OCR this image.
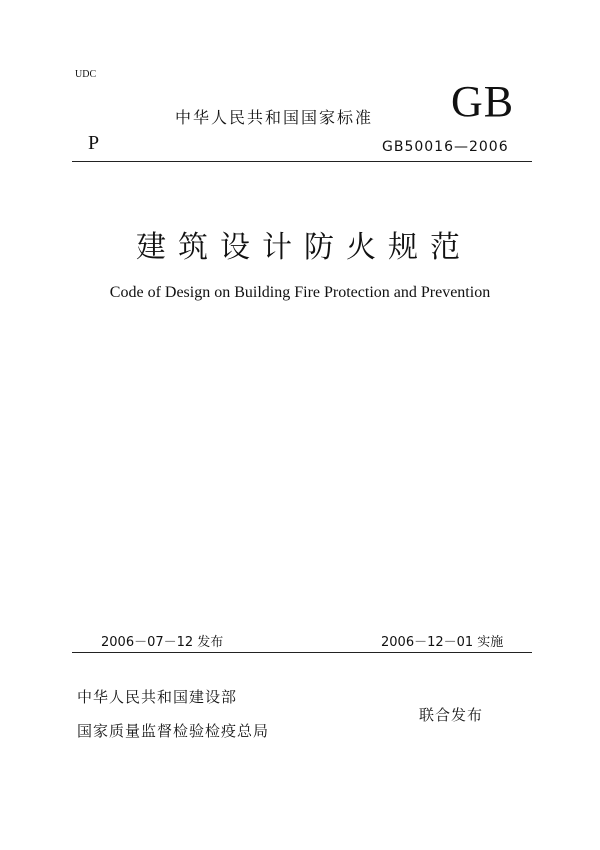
UDC
中华人民共和国国家标准 GB
P	GB50016—2006
建筑设计防火规范
Code of Design on Building Fire Protection and Prevention
2006－07－12 发布	2006－12－01 实施
中华人民共和国建设部
国家质量监督检验检疫总局
联合发布
